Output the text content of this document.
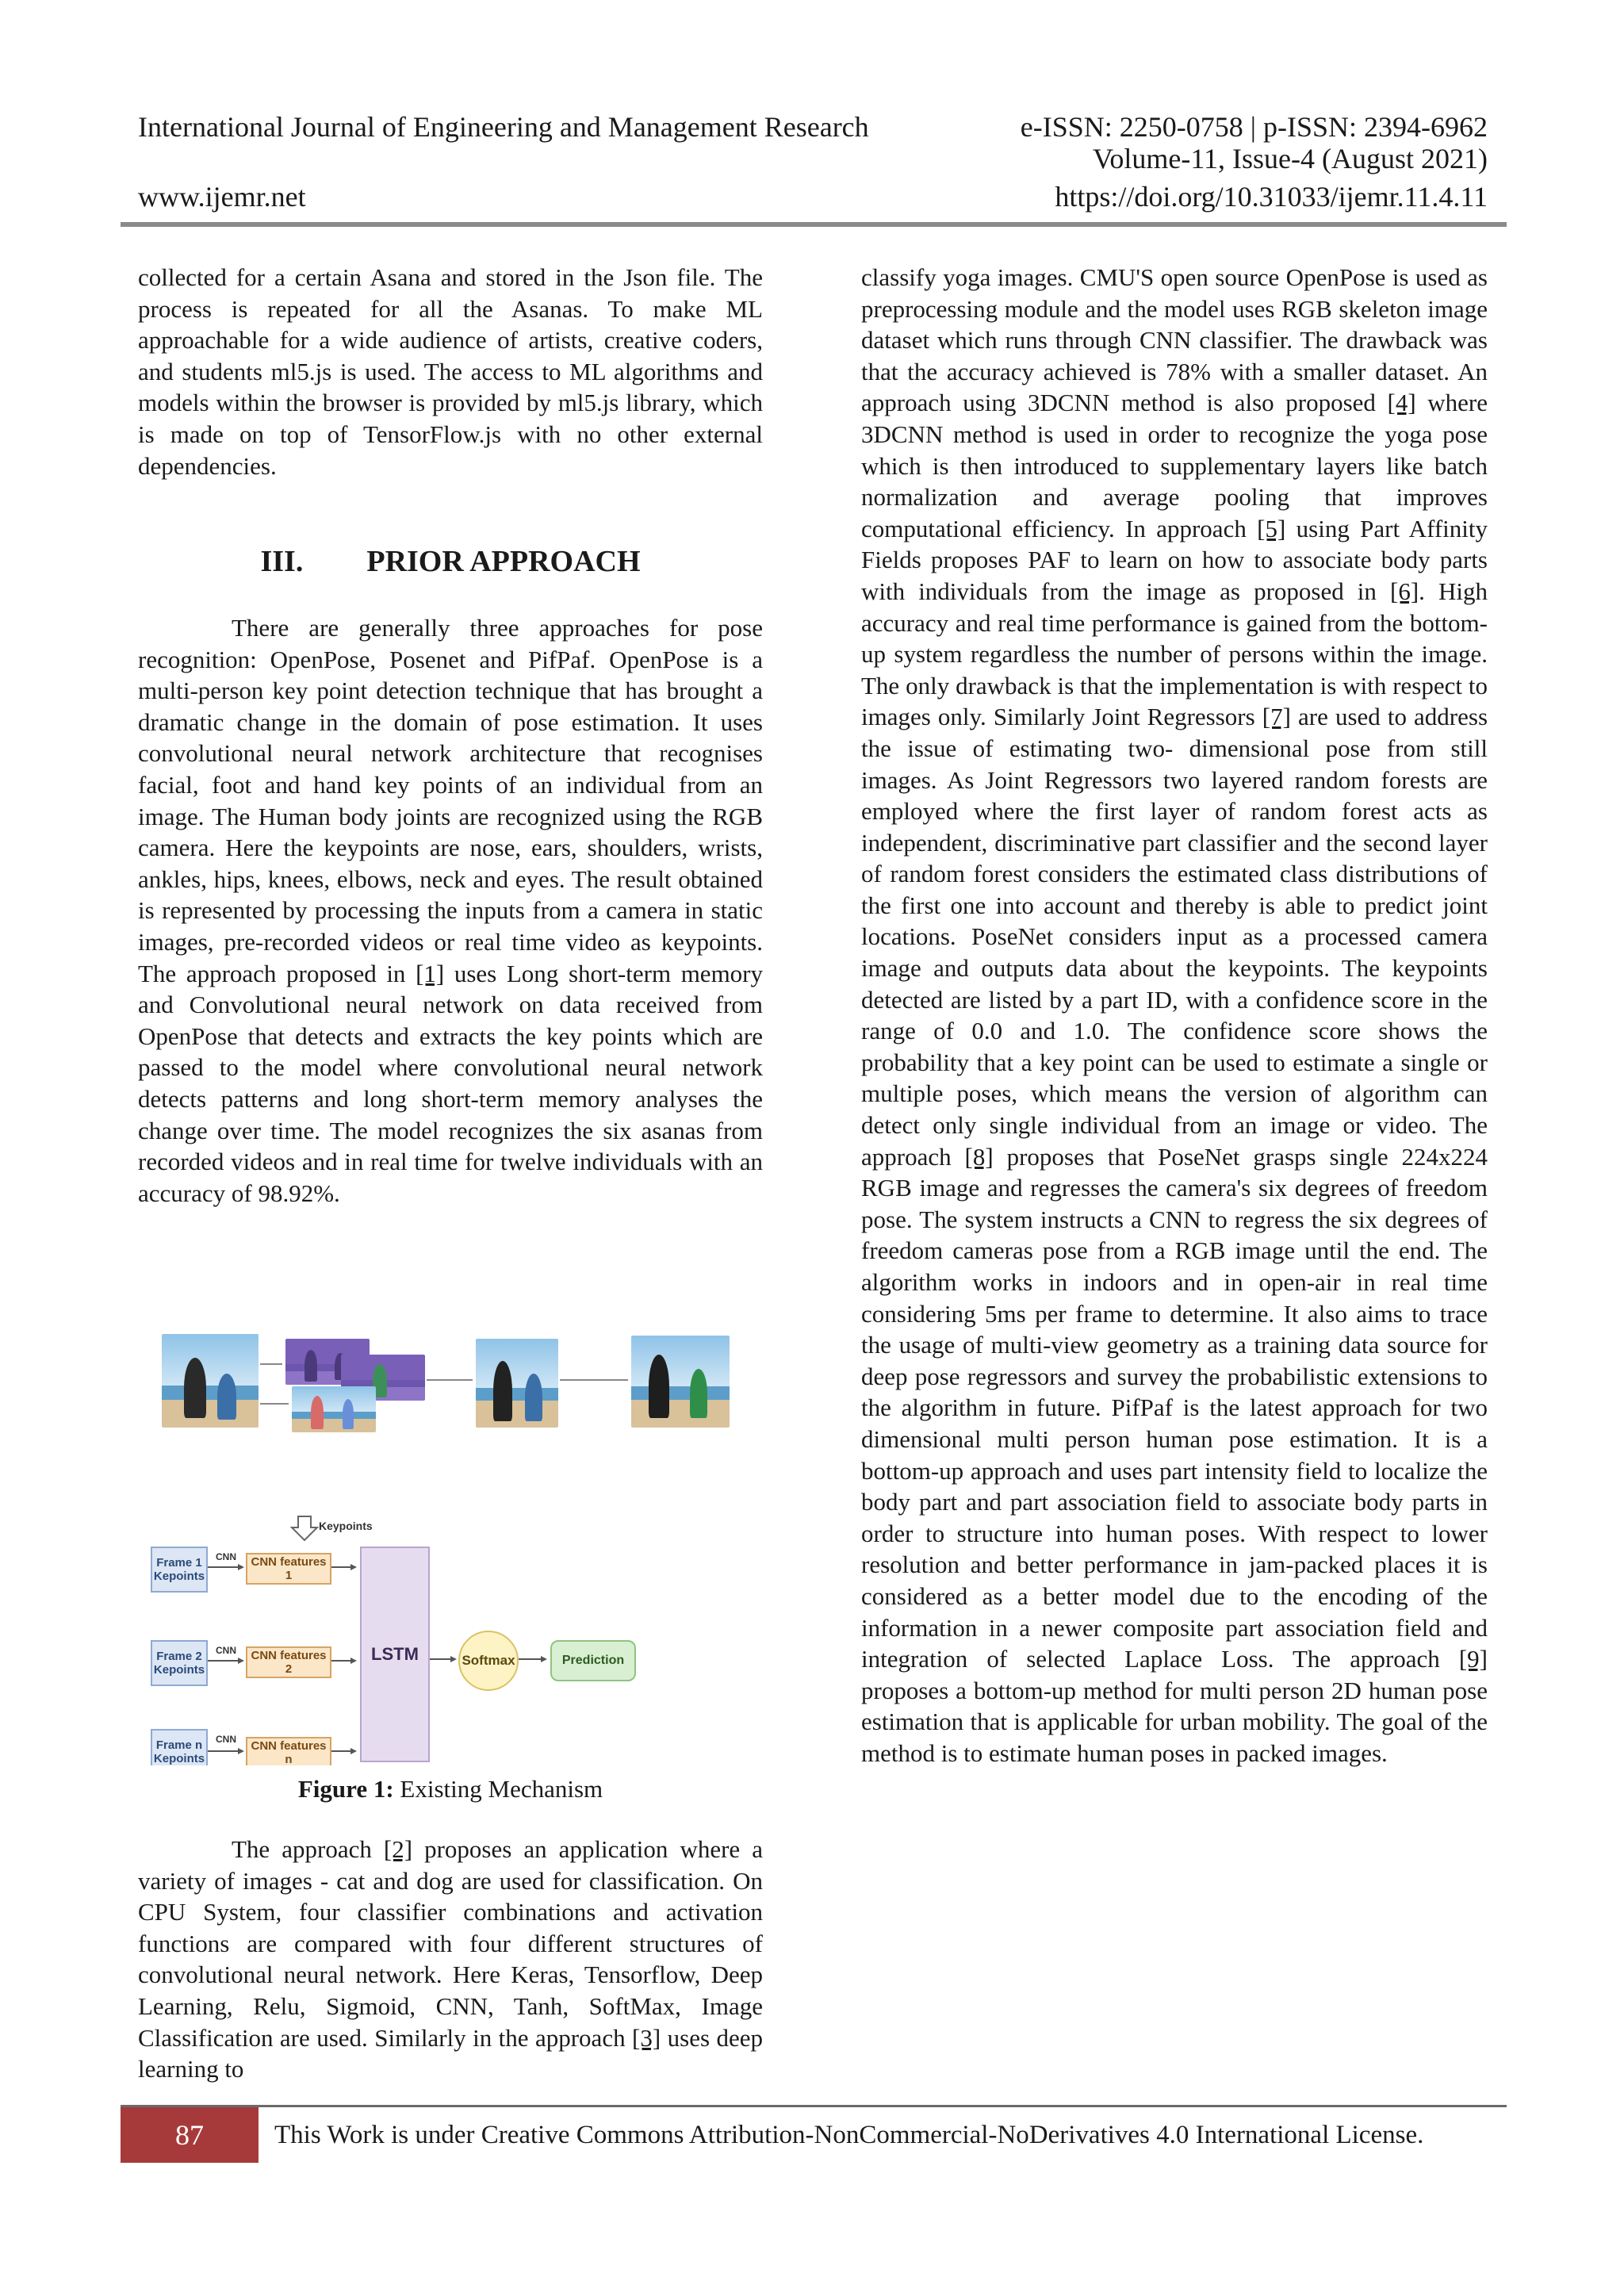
International Journal of Engineering and Management Research	e-ISSN: 2250-0758 | p-ISSN: 2394-6962
Volume-11, Issue-4 (August 2021)
www.ijemr.net	https://doi.org/10.31033/ijemr.11.4.11

collected for a certain Asana and stored in the Json file. The process is repeated for all the Asanas. To make ML approachable for a wide audience of artists, creative coders, and students ml5.js is used. The access to ML algorithms and models within the browser is provided by ml5.js library, which is made on top of TensorFlow.js with no other external dependencies.

III. PRIOR APPROACH

There are generally three approaches for pose recognition: OpenPose, Posenet and PifPaf. OpenPose is a multi-person key point detection technique that has brought a dramatic change in the domain of pose estimation. It uses convolutional neural network architecture that recognises facial, foot and hand key points of an individual from an image. The Human body joints are recognized using the RGB camera. Here the keypoints are nose, ears, shoulders, wrists, ankles, hips, knees, elbows, neck and eyes. The result obtained is represented by processing the inputs from a camera in static images, pre-recorded videos or real time video as keypoints. The approach proposed in [1] uses Long short-term memory and Convolutional neural network on data received from OpenPose that detects and extracts the key points which are passed to the model where convolutional neural network detects patterns and long short-term memory analyses the change over time. The model recognizes the six asanas from recorded videos and in real time for twelve individuals with an accuracy of 98.92%.

Keypoints
Frame 1 Kepoints
CNN	CNN features 1
Frame 2 Kepoints
CNN	CNN features 2
Frame n Kepoints
CNN	CNN features n
LSTM	Softmax	Prediction
Figure 1: Existing Mechanism

The approach [2] proposes an application where a variety of images - cat and dog are used for classification. On CPU System, four classifier combinations and activation functions are compared with four different structures of convolutional neural network. Here Keras, Tensorflow, Deep Learning, Relu, Sigmoid, CNN, Tanh, SoftMax, Image Classification are used. Similarly in the approach [3] uses deep learning to

classify yoga images. CMU'S open source OpenPose is used as preprocessing module and the model uses RGB skeleton image dataset which runs through CNN classifier. The drawback was that the accuracy achieved is 78% with a smaller dataset. An approach using 3DCNN method is also proposed [4] where 3DCNN method is used in order to recognize the yoga pose which is then introduced to supplementary layers like batch normalization and average pooling that improves computational efficiency. In approach [5] using Part Affinity Fields proposes PAF to learn on how to associate body parts with individuals from the image as proposed in [6]. High accuracy and real time performance is gained from the bottom-up system regardless the number of persons within the image. The only drawback is that the implementation is with respect to images only. Similarly Joint Regressors [7] are used to address the issue of estimating two- dimensional pose from still images. As Joint Regressors two layered random forests are employed where the first layer of random forest acts as independent, discriminative part classifier and the second layer of random forest considers the estimated class distributions of the first one into account and thereby is able to predict joint locations. PoseNet considers input as a processed camera image and outputs data about the keypoints. The keypoints detected are listed by a part ID, with a confidence score in the range of 0.0 and 1.0. The confidence score shows the probability that a key point can be used to estimate a single or multiple poses, which means the version of algorithm can detect only single individual from an image or video. The approach [8] proposes that PoseNet grasps single 224x224 RGB image and regresses the camera's six degrees of freedom pose. The system instructs a CNN to regress the six degrees of freedom cameras pose from a RGB image until the end. The algorithm works in indoors and in open-air in real time considering 5ms per frame to determine. It also aims to trace the usage of multi-view geometry as a training data source for deep pose regressors and survey the probabilistic extensions to the algorithm in future. PifPaf is the latest approach for two dimensional multi person human pose estimation. It is a bottom-up approach and uses part intensity field to localize the body part and part association field to associate body parts in order to structure into human poses. With respect to lower resolution and better performance in jam-packed places it is considered as a better model due to the encoding of the information in a newer composite part association field and integration of selected Laplace Loss. The approach [9] proposes a bottom-up method for multi person 2D human pose estimation that is applicable for urban mobility. The goal of the method is to estimate human poses in packed images.

87	This Work is under Creative Commons Attribution-NonCommercial-NoDerivatives 4.0 International License.
